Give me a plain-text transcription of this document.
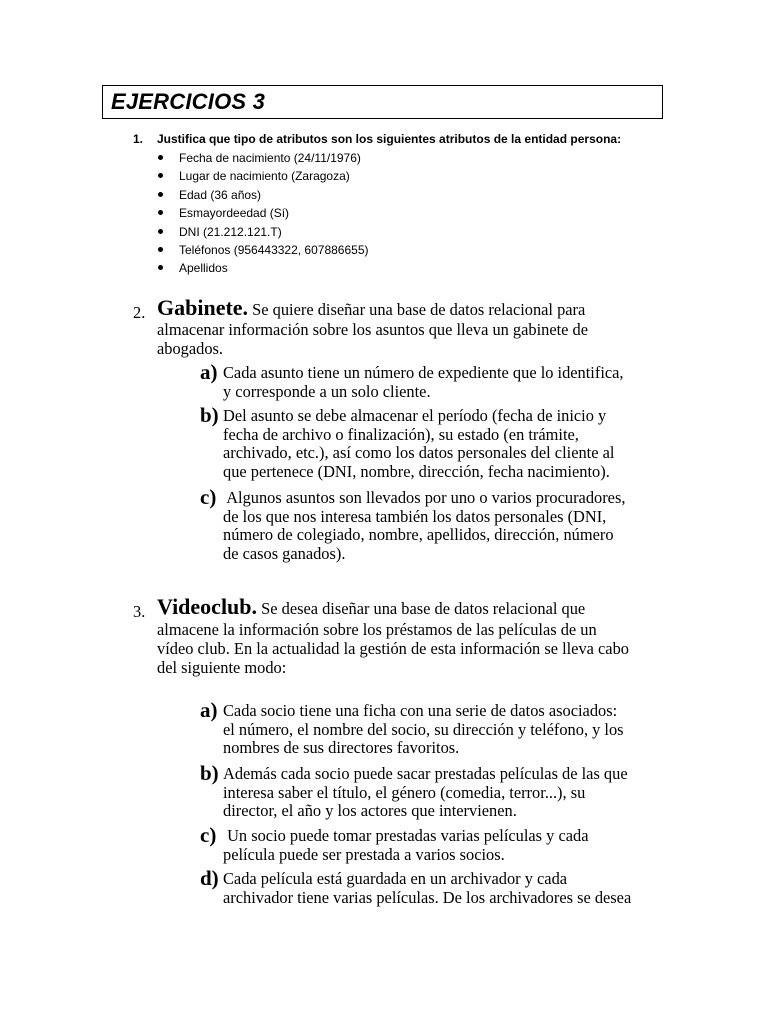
EJERCICIOS 3
1. Justifica que tipo de atributos son los siguientes atributos de la entidad persona:
Fecha de nacimiento (24/11/1976)
Lugar de nacimiento (Zaragoza)
Edad (36 años)
Esmayordeedad (Sí)
DNI (21.212.121.T)
Teléfonos (956443322, 607886655)
Apellidos
2. Gabinete. Se quiere diseñar una base de datos relacional para
almacenar información sobre los asuntos que lleva un gabinete de
abogados.
a) Cada asunto tiene un número de expediente que lo identifica,
y corresponde a un solo cliente.
b) Del asunto se debe almacenar el período (fecha de inicio y
fecha de archivo o finalización), su estado (en trámite,
archivado, etc.), así como los datos personales del cliente al
que pertenece (DNI, nombre, dirección, fecha nacimiento).
c) Algunos asuntos son llevados por uno o varios procuradores,
de los que nos interesa también los datos personales (DNI,
número de colegiado, nombre, apellidos, dirección, número
de casos ganados).
3. Videoclub. Se desea diseñar una base de datos relacional que
almacene la información sobre los préstamos de las películas de un
vídeo club. En la actualidad la gestión de esta información se lleva cabo
del siguiente modo:
a) Cada socio tiene una ficha con una serie de datos asociados:
el número, el nombre del socio, su dirección y teléfono, y los
nombres de sus directores favoritos.
b) Además cada socio puede sacar prestadas películas de las que
interesa saber el título, el género (comedia, terror...), su
director, el año y los actores que intervienen.
c) Un socio puede tomar prestadas varias películas y cada
película puede ser prestada a varios socios.
d) Cada película está guardada en un archivador y cada
archivador tiene varias películas. De los archivadores se desea
